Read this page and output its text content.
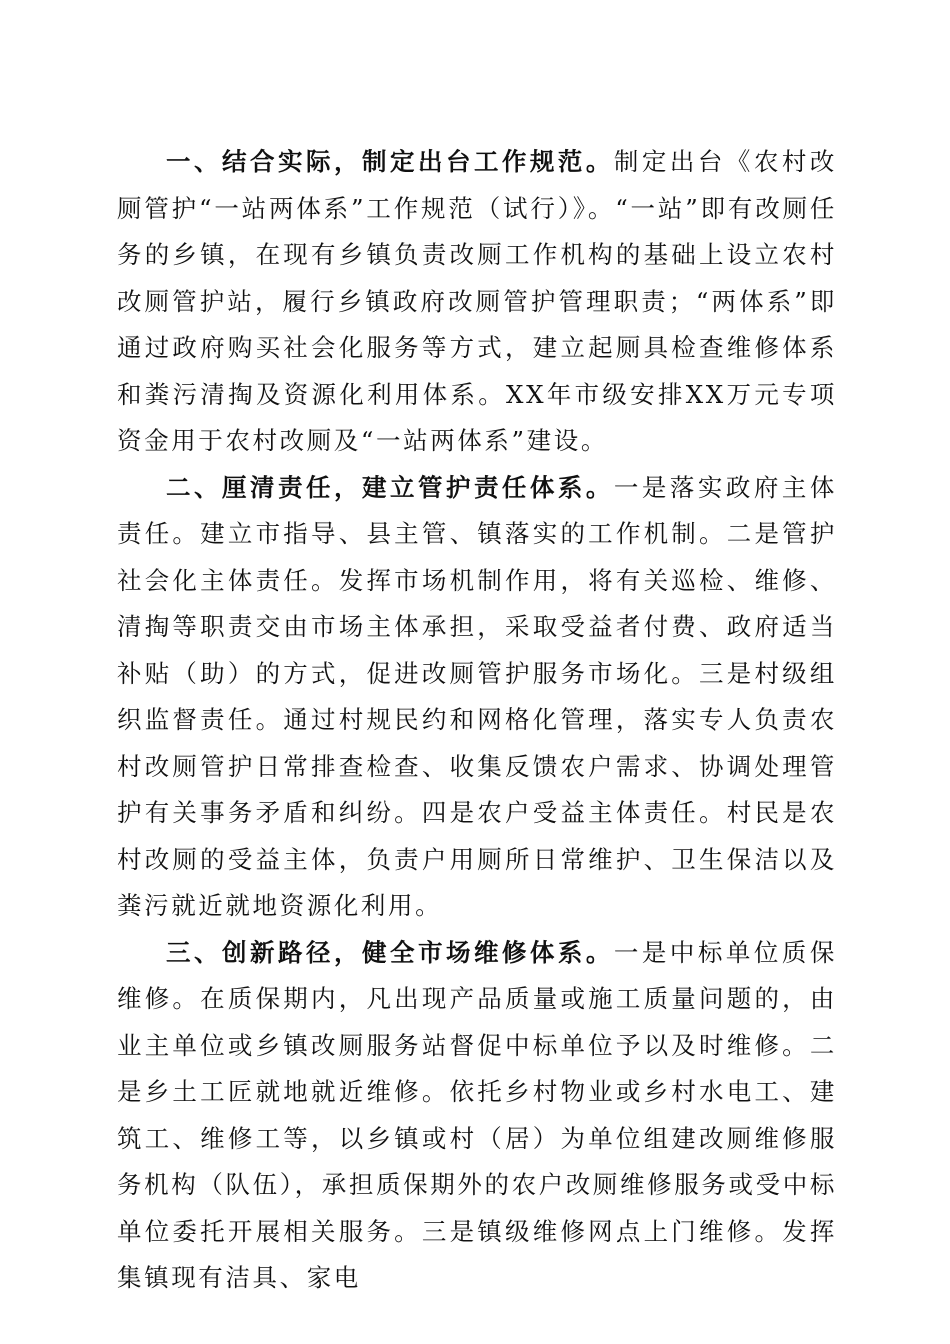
一、结合实际，制定出台工作规范。制定出台《农村改厕管护“一站两体系”工作规范（试行）》。“一站”即有改厕任务的乡镇，在现有乡镇负责改厕工作机构的基础上设立农村改厕管护站，履行乡镇政府改厕管护管理职责；“两体系”即通过政府购买社会化服务等方式，建立起厕具检查维修体系和粪污清掏及资源化利用体系。XX年市级安排XX万元专项资金用于农村改厕及“一站两体系”建设。

二、厘清责任，建立管护责任体系。一是落实政府主体责任。建立市指导、县主管、镇落实的工作机制。二是管护社会化主体责任。发挥市场机制作用，将有关巡检、维修、清掏等职责交由市场主体承担，采取受益者付费、政府适当补贴（助）的方式，促进改厕管护服务市场化。三是村级组织监督责任。通过村规民约和网格化管理，落实专人负责农村改厕管护日常排查检查、收集反馈农户需求、协调处理管护有关事务矛盾和纠纷。四是农户受益主体责任。村民是农村改厕的受益主体，负责户用厕所日常维护、卫生保洁以及粪污就近就地资源化利用。

三、创新路径，健全市场维修体系。一是中标单位质保维修。在质保期内，凡出现产品质量或施工质量问题的，由业主单位或乡镇改厕服务站督促中标单位予以及时维修。二是乡土工匠就地就近维修。依托乡村物业或乡村水电工、建筑工、维修工等，以乡镇或村（居）为单位组建改厕维修服务机构（队伍），承担质保期外的农户改厕维修服务或受中标单位委托开展相关服务。三是镇级维修网点上门维修。发挥集镇现有洁具、家电
